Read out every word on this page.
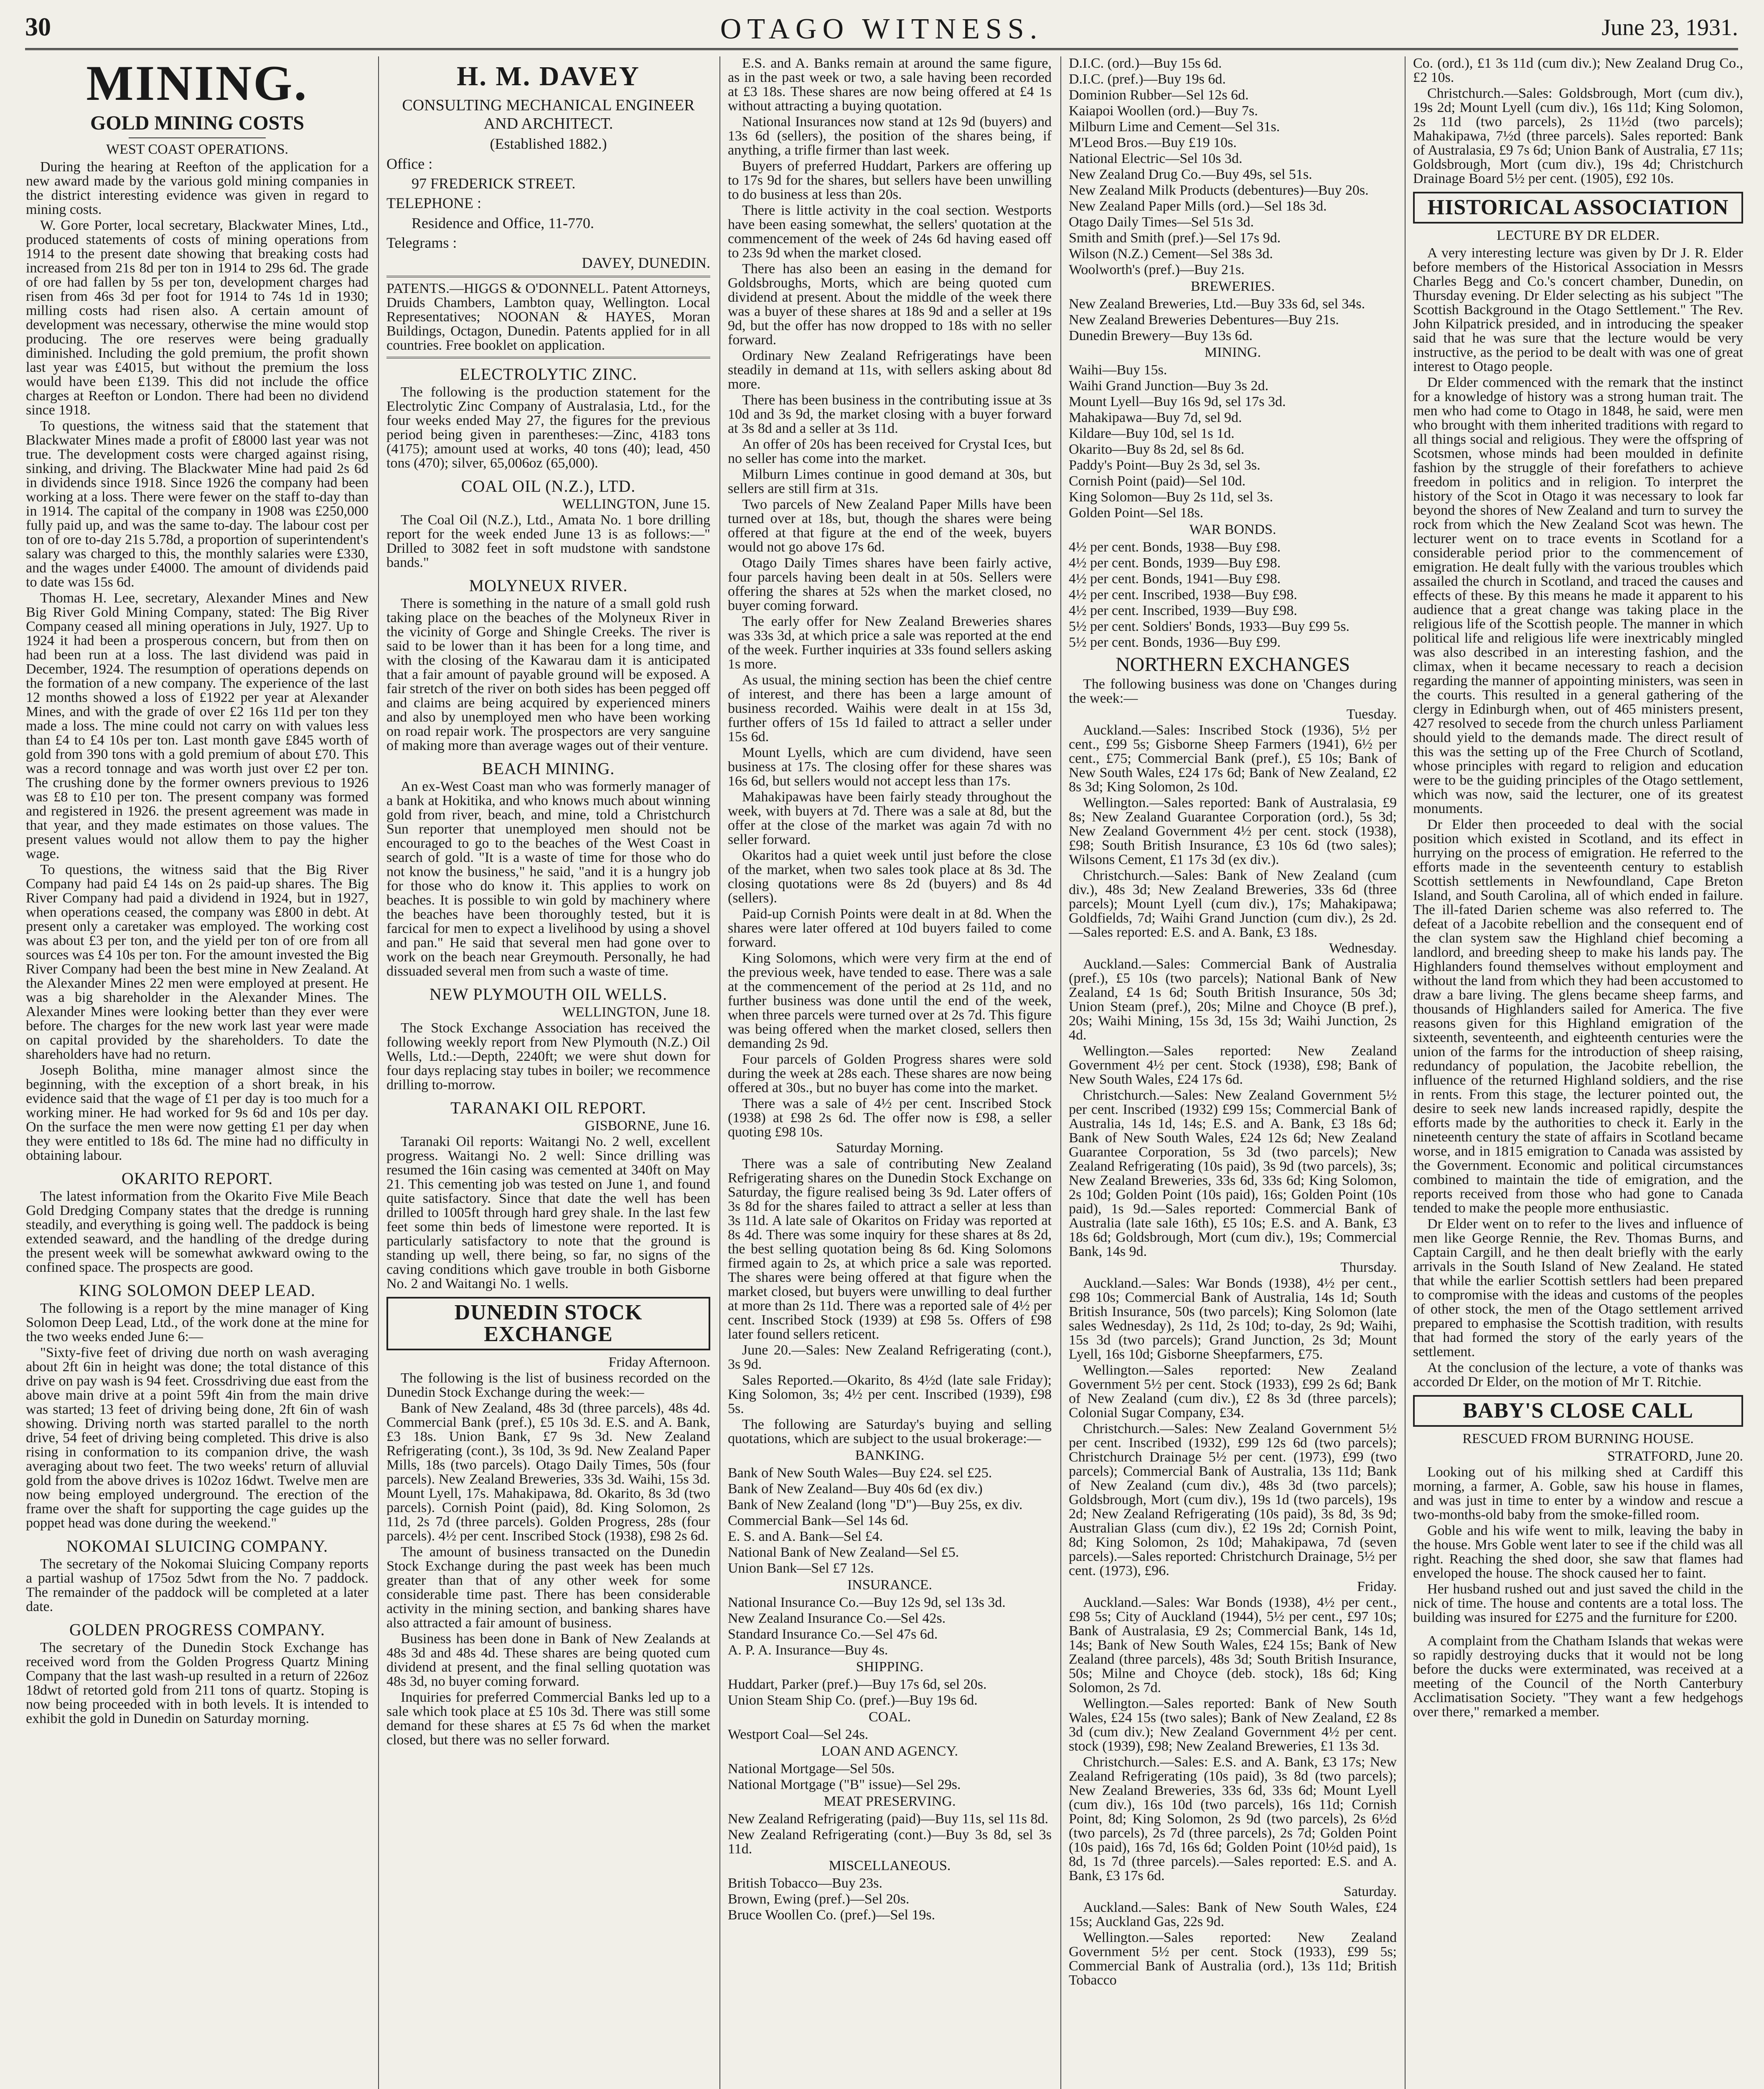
30	OTAGO WITNESS.	June 23, 1931.
MINING.
GOLD MINING COSTS
WEST COAST OPERATIONS.

During the hearing at Reefton of the application for a new award made by the various gold mining companies in the district interesting evidence was given in regard to mining costs.

W. Gore Porter, local secretary, Blackwater Mines, Ltd., produced statements of costs of mining operations from 1914 to the present date showing that breaking costs had increased from 21s 8d per ton in 1914 to 29s 6d. The grade of ore had fallen by 5s per ton, development charges had risen from 46s 3d per foot for 1914 to 74s 1d in 1930; milling costs had risen also. A certain amount of development was necessary, otherwise the mine would stop producing. The ore reserves were being gradually diminished. Including the gold premium, the profit shown last year was £4015, but without the premium the loss would have been £139. This did not include the office charges at Reefton or London. There had been no dividend since 1918.

To questions, the witness said that the statement that Blackwater Mines made a profit of £8000 last year was not true. The development costs were charged against rising, sinking, and driving. The Blackwater Mine had paid 2s 6d in dividends since 1918. Since 1926 the company had been working at a loss. There were fewer on the staff to-day than in 1914. The capital of the company in 1908 was £250,000 fully paid up, and was the same to-day. The labour cost per ton of ore to-day 21s 5.78d, a proportion of superintendent's salary was charged to this, the monthly salaries were £330, and the wages under £4000. The amount of dividends paid to date was 15s 6d.

Thomas H. Lee, secretary, Alexander Mines and New Big River Gold Mining Company, stated: The Big River Company ceased all mining operations in July, 1927. Up to 1924 it had been a prosperous concern, but from then on had been run at a loss. The last dividend was paid in December, 1924. The resumption of operations depends on the formation of a new company. The experience of the last 12 months showed a loss of £1922 per year at Alexander Mines, and with the grade of over £2 16s 11d per ton they made a loss. The mine could not carry on with values less than £4 to £4 10s per ton. Last month gave £845 worth of gold from 390 tons with a gold premium of about £70. This was a record tonnage and was worth just over £2 per ton. The crushing done by the former owners previous to 1926 was £8 to £10 per ton. The present company was formed and registered in 1926. the present agreement was made in that year, and they made estimates on those values. The present values would not allow them to pay the higher wage.

To questions, the witness said that the Big River Company had paid £4 14s on 2s paid-up shares. The Big River Company had paid a dividend in 1924, but in 1927, when operations ceased, the company was £800 in debt. At present only a caretaker was employed. The working cost was about £3 per ton, and the yield per ton of ore from all sources was £4 10s per ton. For the amount invested the Big River Company had been the best mine in New Zealand. At the Alexander Mines 22 men were employed at present. He was a big shareholder in the Alexander Mines. The Alexander Mines were looking better than they ever were before. The charges for the new work last year were made on capital provided by the shareholders. To date the shareholders have had no return.

Joseph Bolitha, mine manager almost since the beginning, with the exception of a short break, in his evidence said that the wage of £1 per day is too much for a working miner. He had worked for 9s 6d and 10s per day. On the surface the men were now getting £1 per day when they were entitled to 18s 6d. The mine had no difficulty in obtaining labour.

OKARITO REPORT.

The latest information from the Okarito Five Mile Beach Gold Dredging Company states that the dredge is running steadily, and everything is going well. The paddock is being extended seaward, and the handling of the dredge during the present week will be somewhat awkward owing to the confined space. The prospects are good.

KING SOLOMON DEEP LEAD.

The following is a report by the mine manager of King Solomon Deep Lead, Ltd., of the work done at the mine for the two weeks ended June 6:—

"Sixty-five feet of driving due north on wash averaging about 2ft 6in in height was done; the total distance of this drive on pay wash is 94 feet. Crossdriving due east from the above main drive at a point 59ft 4in from the main drive was started; 13 feet of driving being done, 2ft 6in of wash showing. Driving north was started parallel to the north drive, 54 feet of driving being completed. This drive is also rising in conformation to its companion drive, the wash averaging about two feet. The two weeks' return of alluvial gold from the above drives is 102oz 16dwt. Twelve men are now being employed underground. The erection of the frame over the shaft for supporting the cage guides up the poppet head was done during the weekend."

NOKOMAI SLUICING COMPANY.

The secretary of the Nokomai Sluicing Company reports a partial washup of 175oz 5dwt from the No. 7 paddock. The remainder of the paddock will be completed at a later date.

GOLDEN PROGRESS COMPANY.

The secretary of the Dunedin Stock Exchange has received word from the Golden Progress Quartz Mining Company that the last wash-up resulted in a return of 226oz 18dwt of retorted gold from 211 tons of quartz. Stoping is now being proceeded with in both levels. It is intended to exhibit the gold in Dunedin on Saturday morning.

H. M. DAVEY
CONSULTING MECHANICAL ENGINEER AND ARCHITECT.
(Established 1882.)
Office :
97 FREDERICK STREET.
TELEPHONE :
Residence and Office, 11-770.
Telegrams :
DAVEY, DUNEDIN.

PATENTS.—HIGGS & O'DONNELL. Patent Attorneys, Druids Chambers, Lambton quay, Wellington. Local Representatives; NOONAN & HAYES, Moran Buildings, Octagon, Dunedin. Patents applied for in all countries. Free booklet on application.

ELECTROLYTIC ZINC.

The following is the production statement for the Electrolytic Zinc Company of Australasia, Ltd., for the four weeks ended May 27, the figures for the previous period being given in parentheses:—Zinc, 4183 tons (4175); amount used at works, 40 tons (40); lead, 450 tons (470); silver, 65,006oz (65,000).

COAL OIL (N.Z.), LTD.
WELLINGTON, June 15.

The Coal Oil (N.Z.), Ltd., Amata No. 1 bore drilling report for the week ended June 13 is as follows:—" Drilled to 3082 feet in soft mudstone with sandstone bands."

MOLYNEUX RIVER.

There is something in the nature of a small gold rush taking place on the beaches of the Molyneux River in the vicinity of Gorge and Shingle Creeks. The river is said to be lower than it has been for a long time, and with the closing of the Kawarau dam it is anticipated that a fair amount of payable ground will be exposed. A fair stretch of the river on both sides has been pegged off and claims are being acquired by experienced miners and also by unemployed men who have been working on road repair work. The prospectors are very sanguine of making more than average wages out of their venture.

BEACH MINING.

An ex-West Coast man who was formerly manager of a bank at Hokitika, and who knows much about winning gold from river, beach, and mine, told a Christchurch Sun reporter that unemployed men should not be encouraged to go to the beaches of the West Coast in search of gold. "It is a waste of time for those who do not know the business," he said, "and it is a hungry job for those who do know it. This applies to work on beaches. It is possible to win gold by machinery where the beaches have been thoroughly tested, but it is farcical for men to expect a livelihood by using a shovel and pan." He said that several men had gone over to work on the beach near Greymouth. Personally, he had dissuaded several men from such a waste of time.

NEW PLYMOUTH OIL WELLS.
WELLINGTON, June 18.

The Stock Exchange Association has received the following weekly report from New Plymouth (N.Z.) Oil Wells, Ltd.:—Depth, 2240ft; we were shut down for four days replacing stay tubes in boiler; we recommence drilling to-morrow.

TARANAKI OIL REPORT.
GISBORNE, June 16.

Taranaki Oil reports: Waitangi No. 2 well, excellent progress. Waitangi No. 2 well: Since drilling was resumed the 16in casing was cemented at 340ft on May 21. This cementing job was tested on June 1, and found quite satisfactory. Since that date the well has been drilled to 1005ft through hard grey shale. In the last few feet some thin beds of limestone were reported. It is particularly satisfactory to note that the ground is standing up well, there being, so far, no signs of the caving conditions which gave trouble in both Gisborne No. 2 and Waitangi No. 1 wells.

DUNEDIN STOCK EXCHANGE
Friday Afternoon.

The following is the list of business recorded on the Dunedin Stock Exchange during the week:—

Bank of New Zealand, 48s 3d (three parcels), 48s 4d. Commercial Bank (pref.), £5 10s 3d. E.S. and A. Bank, £3 18s. Union Bank, £7 9s 3d. New Zealand Refrigerating (cont.), 3s 10d, 3s 9d. New Zealand Paper Mills, 18s (two parcels). Otago Daily Times, 50s (four parcels). New Zealand Breweries, 33s 3d. Waihi, 15s 3d. Mount Lyell, 17s. Mahakipawa, 8d. Okarito, 8s 3d (two parcels). Cornish Point (paid), 8d. King Solomon, 2s 11d, 2s 7d (three parcels). Golden Progress, 28s (four parcels). 4½ per cent. Inscribed Stock (1938), £98 2s 6d.

The amount of business transacted on the Dunedin Stock Exchange during the past week has been much greater than that of any other week for some considerable time past. There has been considerable activity in the mining section, and banking shares have also attracted a fair amount of business.

Business has been done in Bank of New Zealands at 48s 3d and 48s 4d. These shares are being quoted cum dividend at present, and the final selling quotation was 48s 3d, no buyer coming forward.

Inquiries for preferred Commercial Banks led up to a sale which took place at £5 10s 3d. There was still some demand for these shares at £5 7s 6d when the market closed, but there was no seller forward.

E.S. and A. Banks remain at around the same figure, as in the past week or two, a sale having been recorded at £3 18s. These shares are now being offered at £4 1s without attracting a buying quotation.

National Insurances now stand at 12s 9d (buyers) and 13s 6d (sellers), the position of the shares being, if anything, a trifle firmer than last week.

Buyers of preferred Huddart, Parkers are offering up to 17s 9d for the shares, but sellers have been unwilling to do business at less than 20s.

There is little activity in the coal section. Westports have been easing somewhat, the sellers' quotation at the commencement of the week of 24s 6d having eased off to 23s 9d when the market closed.

There has also been an easing in the demand for Goldsbroughs, Morts, which are being quoted cum dividend at present. About the middle of the week there was a buyer of these shares at 18s 9d and a seller at 19s 9d, but the offer has now dropped to 18s with no seller forward.

Ordinary New Zealand Refrigeratings have been steadily in demand at 11s, with sellers asking about 8d more.

There has been business in the contributing issue at 3s 10d and 3s 9d, the market closing with a buyer forward at 3s 8d and a seller at 3s 11d.

An offer of 20s has been received for Crystal Ices, but no seller has come into the market.

Milburn Limes continue in good demand at 30s, but sellers are still firm at 31s.

Two parcels of New Zealand Paper Mills have been turned over at 18s, but, though the shares were being offered at that figure at the end of the week, buyers would not go above 17s 6d.

Otago Daily Times shares have been fairly active, four parcels having been dealt in at 50s. Sellers were offering the shares at 52s when the market closed, no buyer coming forward.

The early offer for New Zealand Breweries shares was 33s 3d, at which price a sale was reported at the end of the week. Further inquiries at 33s found sellers asking 1s more.

As usual, the mining section has been the chief centre of interest, and there has been a large amount of business recorded. Waihis were dealt in at 15s 3d, further offers of 15s 1d failed to attract a seller under 15s 6d.

Mount Lyells, which are cum dividend, have seen business at 17s. The closing offer for these shares was 16s 6d, but sellers would not accept less than 17s.

Mahakipawas have been fairly steady throughout the week, with buyers at 7d. There was a sale at 8d, but the offer at the close of the market was again 7d with no seller forward.

Okaritos had a quiet week until just before the close of the market, when two sales took place at 8s 3d. The closing quotations were 8s 2d (buyers) and 8s 4d (sellers).

Paid-up Cornish Points were dealt in at 8d. When the shares were later offered at 10d buyers failed to come forward.

King Solomons, which were very firm at the end of the previous week, have tended to ease. There was a sale at the commencement of the period at 2s 11d, and no further business was done until the end of the week, when three parcels were turned over at 2s 7d. This figure was being offered when the market closed, sellers then demanding 2s 9d.

Four parcels of Golden Progress shares were sold during the week at 28s each. These shares are now being offered at 30s., but no buyer has come into the market.

There was a sale of 4½ per cent. Inscribed Stock (1938) at £98 2s 6d. The offer now is £98, a seller quoting £98 10s.

Saturday Morning.

There was a sale of contributing New Zealand Refrigerating shares on the Dunedin Stock Exchange on Saturday, the figure realised being 3s 9d. Later offers of 3s 8d for the shares failed to attract a seller at less than 3s 11d. A late sale of Okaritos on Friday was reported at 8s 4d. There was some inquiry for these shares at 8s 2d, the best selling quotation being 8s 6d. King Solomons firmed again to 2s, at which price a sale was reported. The shares were being offered at that figure when the market closed, but buyers were unwilling to deal further at more than 2s 11d. There was a reported sale of 4½ per cent. Inscribed Stock (1939) at £98 5s. Offers of £98 later found sellers reticent.

June 20.—Sales: New Zealand Refrigerating (cont.), 3s 9d.

Sales Reported.—Okarito, 8s 4½d (late sale Friday); King Solomon, 3s; 4½ per cent. Inscribed (1939), £98 5s.

The following are Saturday's buying and selling quotations, which are subject to the usual brokerage:—

BANKING.

Bank of New South Wales—Buy £24. sel £25.

Bank of New Zealand—Buy 40s 6d (ex div.)

Bank of New Zealand (long "D")—Buy 25s, ex div.

Commercial Bank—Sel 14s 6d.

E. S. and A. Bank—Sel £4.

National Bank of New Zealand—Sel £5.

Union Bank—Sel £7 12s.

INSURANCE.

National Insurance Co.—Buy 12s 9d, sel 13s 3d.

New Zealand Insurance Co.—Sel 42s.

Standard Insurance Co.—Sel 47s 6d.

A. P. A. Insurance—Buy 4s.

SHIPPING.

Huddart, Parker (pref.)—Buy 17s 6d, sel 20s.

Union Steam Ship Co. (pref.)—Buy 19s 6d.

COAL.

Westport Coal—Sel 24s.

LOAN AND AGENCY.

National Mortgage—Sel 50s.

National Mortgage ("B" issue)—Sel 29s.

MEAT PRESERVING.

New Zealand Refrigerating (paid)—Buy 11s, sel 11s 8d.

New Zealand Refrigerating (cont.)—Buy 3s 8d, sel 3s 11d.

MISCELLANEOUS.

British Tobacco—Buy 23s.

Brown, Ewing (pref.)—Sel 20s.

Bruce Woollen Co. (pref.)—Sel 19s.

D.I.C. (ord.)—Buy 15s 6d.

D.I.C. (pref.)—Buy 19s 6d.

Dominion Rubber—Sel 12s 6d.

Kaiapoi Woollen (ord.)—Buy 7s.

Milburn Lime and Cement—Sel 31s.

M'Leod Bros.—Buy £19 10s.

National Electric—Sel 10s 3d.

New Zealand Drug Co.—Buy 49s, sel 51s.

New Zealand Milk Products (debentures)—Buy 20s.

New Zealand Paper Mills (ord.)—Sel 18s 3d.

Otago Daily Times—Sel 51s 3d.

Smith and Smith (pref.)—Sel 17s 9d.

Wilson (N.Z.) Cement—Sel 38s 3d.

Woolworth's (pref.)—Buy 21s.

BREWERIES.

New Zealand Breweries, Ltd.—Buy 33s 6d, sel 34s.

New Zealand Breweries Debentures—Buy 21s.

Dunedin Brewery—Buy 13s 6d.

MINING.

Waihi—Buy 15s.

Waihi Grand Junction—Buy 3s 2d.

Mount Lyell—Buy 16s 9d, sel 17s 3d.

Mahakipawa—Buy 7d, sel 9d.

Kildare—Buy 10d, sel 1s 1d.

Okarito—Buy 8s 2d, sel 8s 6d.

Paddy's Point—Buy 2s 3d, sel 3s.

Cornish Point (paid)—Sel 10d.

King Solomon—Buy 2s 11d, sel 3s.

Golden Point—Sel 18s.

WAR BONDS.

4½ per cent. Bonds, 1938—Buy £98.

4½ per cent. Bonds, 1939—Buy £98.

4½ per cent. Bonds, 1941—Buy £98.

4½ per cent. Inscribed, 1938—Buy £98.

4½ per cent. Inscribed, 1939—Buy £98.

5½ per cent. Soldiers' Bonds, 1933—Buy £99 5s.

5½ per cent. Bonds, 1936—Buy £99.

NORTHERN EXCHANGES

The following business was done on 'Changes during the week:—

Tuesday.

Auckland.—Sales: Inscribed Stock (1936), 5½ per cent., £99 5s; Gisborne Sheep Farmers (1941), 6½ per cent., £75; Commercial Bank (pref.), £5 10s; Bank of New South Wales, £24 17s 6d; Bank of New Zealand, £2 8s 3d; King Solomon, 2s 10d.

Wellington.—Sales reported: Bank of Australasia, £9 8s; New Zealand Guarantee Corporation (ord.), 5s 3d; New Zealand Government 4½ per cent. stock (1938), £98; South British Insurance, £3 10s 6d (two sales); Wilsons Cement, £1 17s 3d (ex div.).

Christchurch.—Sales: Bank of New Zealand (cum div.), 48s 3d; New Zealand Breweries, 33s 6d (three parcels); Mount Lyell (cum div.), 17s; Mahakipawa; Goldfields, 7d; Waihi Grand Junction (cum div.), 2s 2d.—Sales reported: E.S. and A. Bank, £3 18s.

Wednesday.

Auckland.—Sales: Commercial Bank of Australia (pref.), £5 10s (two parcels); National Bank of New Zealand, £4 1s 6d; South British Insurance, 50s 3d; Union Steam (pref.), 20s; Milne and Choyce (B pref.), 20s; Waihi Mining, 15s 3d, 15s 3d; Waihi Junction, 2s 4d.

Wellington.—Sales reported: New Zealand Government 4½ per cent. Stock (1938), £98; Bank of New South Wales, £24 17s 6d.

Christchurch.—Sales: New Zealand Government 5½ per cent. Inscribed (1932) £99 15s; Commercial Bank of Australia, 14s 1d, 14s; E.S. and A. Bank, £3 18s 6d; Bank of New South Wales, £24 12s 6d; New Zealand Guarantee Corporation, 5s 3d (two parcels); New Zealand Refrigerating (10s paid), 3s 9d (two parcels), 3s; New Zealand Breweries, 33s 6d, 33s 6d; King Solomon, 2s 10d; Golden Point (10s paid), 16s; Golden Point (10s paid), 1s 9d.—Sales reported: Commercial Bank of Australia (late sale 16th), £5 10s; E.S. and A. Bank, £3 18s 6d; Goldsbrough, Mort (cum div.), 19s; Commercial Bank, 14s 9d.

Thursday.

Auckland.—Sales: War Bonds (1938), 4½ per cent., £98 10s; Commercial Bank of Australia, 14s 1d; South British Insurance, 50s (two parcels); King Solomon (late sales Wednesday), 2s 11d, 2s 10d; to-day, 2s 9d; Waihi, 15s 3d (two parcels); Grand Junction, 2s 3d; Mount Lyell, 16s 10d; Gisborne Sheepfarmers, £75.

Wellington.—Sales reported: New Zealand Government 5½ per cent. Stock (1933), £99 2s 6d; Bank of New Zealand (cum div.), £2 8s 3d (three parcels); Colonial Sugar Company, £34.

Christchurch.—Sales: New Zealand Government 5½ per cent. Inscribed (1932), £99 12s 6d (two parcels); Christchurch Drainage 5½ per cent. (1973), £99 (two parcels); Commercial Bank of Australia, 13s 11d; Bank of New Zealand (cum div.), 48s 3d (two parcels); Goldsbrough, Mort (cum div.), 19s 1d (two parcels), 19s 2d; New Zealand Refrigerating (10s paid), 3s 8d, 3s 9d; Australian Glass (cum div.), £2 19s 2d; Cornish Point, 8d; King Solomon, 2s 10d; Mahakipawa, 7d (seven parcels).—Sales reported: Christchurch Drainage, 5½ per cent. (1973), £96.

Friday.

Auckland.—Sales: War Bonds (1938), 4½ per cent., £98 5s; City of Auckland (1944), 5½ per cent., £97 10s; Bank of Australasia, £9 2s; Commercial Bank, 14s 1d, 14s; Bank of New South Wales, £24 15s; Bank of New Zealand (three parcels), 48s 3d; South British Insurance, 50s; Milne and Choyce (deb. stock), 18s 6d; King Solomon, 2s 7d.

Wellington.—Sales reported: Bank of New South Wales, £24 15s (two sales); Bank of New Zealand, £2 8s 3d (cum div.); New Zealand Government 4½ per cent. stock (1939), £98; New Zealand Breweries, £1 13s 3d.

Christchurch.—Sales: E.S. and A. Bank, £3 17s; New Zealand Refrigerating (10s paid), 3s 8d (two parcels); New Zealand Breweries, 33s 6d, 33s 6d; Mount Lyell (cum div.), 16s 10d (two parcels), 16s 11d; Cornish Point, 8d; King Solomon, 2s 9d (two parcels), 2s 6½d (two parcels), 2s 7d (three parcels), 2s 7d; Golden Point (10s paid), 16s 7d, 16s 6d; Golden Point (10½d paid), 1s 8d, 1s 7d (three parcels).—Sales reported: E.S. and A. Bank, £3 17s 6d.

Saturday.

Auckland.—Sales: Bank of New South Wales, £24 15s; Auckland Gas, 22s 9d.

Wellington.—Sales reported: New Zealand Government 5½ per cent. Stock (1933), £99 5s; Commercial Bank of Australia (ord.), 13s 11d; British Tobacco

Co. (ord.), £1 3s 11d (cum div.); New Zealand Drug Co., £2 10s.

Christchurch.—Sales: Goldsbrough, Mort (cum div.), 19s 2d; Mount Lyell (cum div.), 16s 11d; King Solomon, 2s 11d (two parcels), 2s 11½d (two parcels); Mahakipawa, 7½d (three parcels). Sales reported: Bank of Australasia, £9 7s 6d; Union Bank of Australia, £7 11s; Goldsbrough, Mort (cum div.), 19s 4d; Christchurch Drainage Board 5½ per cent. (1905), £92 10s.

HISTORICAL ASSOCIATION
LECTURE BY DR ELDER.

A very interesting lecture was given by Dr J. R. Elder before members of the Historical Association in Messrs Charles Begg and Co.'s concert chamber, Dunedin, on Thursday evening. Dr Elder selecting as his subject "The Scottish Background in the Otago Settlement." The Rev. John Kilpatrick presided, and in introducing the speaker said that he was sure that the lecture would be very instructive, as the period to be dealt with was one of great interest to Otago people.

Dr Elder commenced with the remark that the instinct for a knowledge of history was a strong human trait. The men who had come to Otago in 1848, he said, were men who brought with them inherited traditions with regard to all things social and religious. They were the offspring of Scotsmen, whose minds had been moulded in definite fashion by the struggle of their forefathers to achieve freedom in politics and in religion. To interpret the history of the Scot in Otago it was necessary to look far beyond the shores of New Zealand and turn to survey the rock from which the New Zealand Scot was hewn. The lecturer went on to trace events in Scotland for a considerable period prior to the commencement of emigration. He dealt fully with the various troubles which assailed the church in Scotland, and traced the causes and effects of these. By this means he made it apparent to his audience that a great change was taking place in the religious life of the Scottish people. The manner in which political life and religious life were inextricably mingled was also described in an interesting fashion, and the climax, when it became necessary to reach a decision regarding the manner of appointing ministers, was seen in the courts. This resulted in a general gathering of the clergy in Edinburgh when, out of 465 ministers present, 427 resolved to secede from the church unless Parliament should yield to the demands made. The direct result of this was the setting up of the Free Church of Scotland, whose principles with regard to religion and education were to be the guiding principles of the Otago settlement, which was now, said the lecturer, one of its greatest monuments.

Dr Elder then proceeded to deal with the social position which existed in Scotland, and its effect in hurrying on the process of emigration. He referred to the efforts made in the seventeenth century to establish Scottish settlements in Newfoundland, Cape Breton Island, and South Carolina, all of which ended in failure. The ill-fated Darien scheme was also referred to. The defeat of a Jacobite rebellion and the consequent end of the clan system saw the Highland chief becoming a landlord, and breeding sheep to make his lands pay. The Highlanders found themselves without employment and without the land from which they had been accustomed to draw a bare living. The glens became sheep farms, and thousands of Highlanders sailed for America. The five reasons given for this Highland emigration of the sixteenth, seventeenth, and eighteenth centuries were the union of the farms for the introduction of sheep raising, redundancy of population, the Jacobite rebellion, the influence of the returned Highland soldiers, and the rise in rents. From this stage, the lecturer pointed out, the desire to seek new lands increased rapidly, despite the efforts made by the authorities to check it. Early in the nineteenth century the state of affairs in Scotland became worse, and in 1815 emigration to Canada was assisted by the Government. Economic and political circumstances combined to maintain the tide of emigration, and the reports received from those who had gone to Canada tended to make the people more enthusiastic.

Dr Elder went on to refer to the lives and influence of men like George Rennie, the Rev. Thomas Burns, and Captain Cargill, and he then dealt briefly with the early arrivals in the South Island of New Zealand. He stated that while the earlier Scottish settlers had been prepared to compromise with the ideas and customs of the peoples of other stock, the men of the Otago settlement arrived prepared to emphasise the Scottish tradition, with results that had formed the story of the early years of the settlement.

At the conclusion of the lecture, a vote of thanks was accorded Dr Elder, on the motion of Mr T. Ritchie.

BABY'S CLOSE CALL
RESCUED FROM BURNING HOUSE.
STRATFORD, June 20.

Looking out of his milking shed at Cardiff this morning, a farmer, A. Goble, saw his house in flames, and was just in time to enter by a window and rescue a two-months-old baby from the smoke-filled room.

Goble and his wife went to milk, leaving the baby in the house. Mrs Goble went later to see if the child was all right. Reaching the shed door, she saw that flames had enveloped the house. The shock caused her to faint.

Her husband rushed out and just saved the child in the nick of time. The house and contents are a total loss. The building was insured for £275 and the furniture for £200.

A complaint from the Chatham Islands that wekas were so rapidly destroying ducks that it would not be long before the ducks were exterminated, was received at a meeting of the Council of the North Canterbury Acclimatisation Society. "They want a few hedgehogs over there," remarked a member.
